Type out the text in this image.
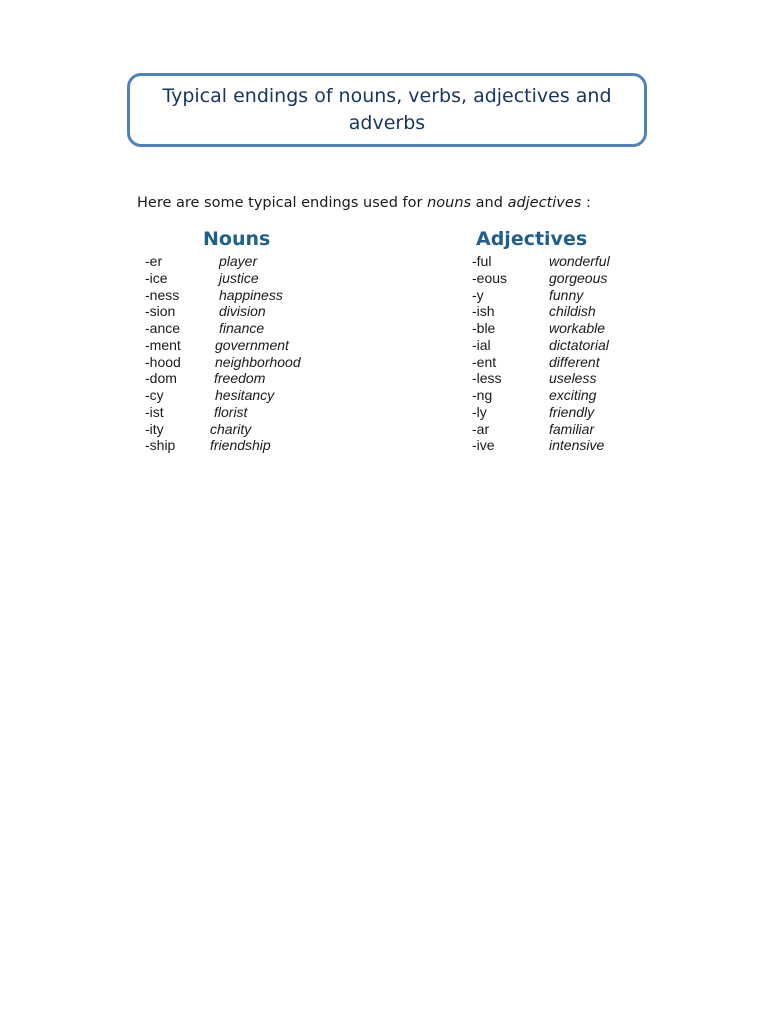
Typical endings of nouns, verbs, adjectives and adverbs

Here are some typical endings used for nouns and adjectives :

Nouns	Adjectives
-er	player
-ice	justice
-ness	happiness
-sion	division
-ance	finance
-ment government
-hood neighborhood
-dom	freedom
-cy	hesitancy
-ist	florist
-ity	charity
-ship friendship
-ful	wonderful
-eous	gorgeous
-y	funny
-ish	childish
-ble	workable
-ial	dictatorial
-ent	different
-less	useless
-ng	exciting
-ly	friendly
-ar	familiar
-ive	intensive
